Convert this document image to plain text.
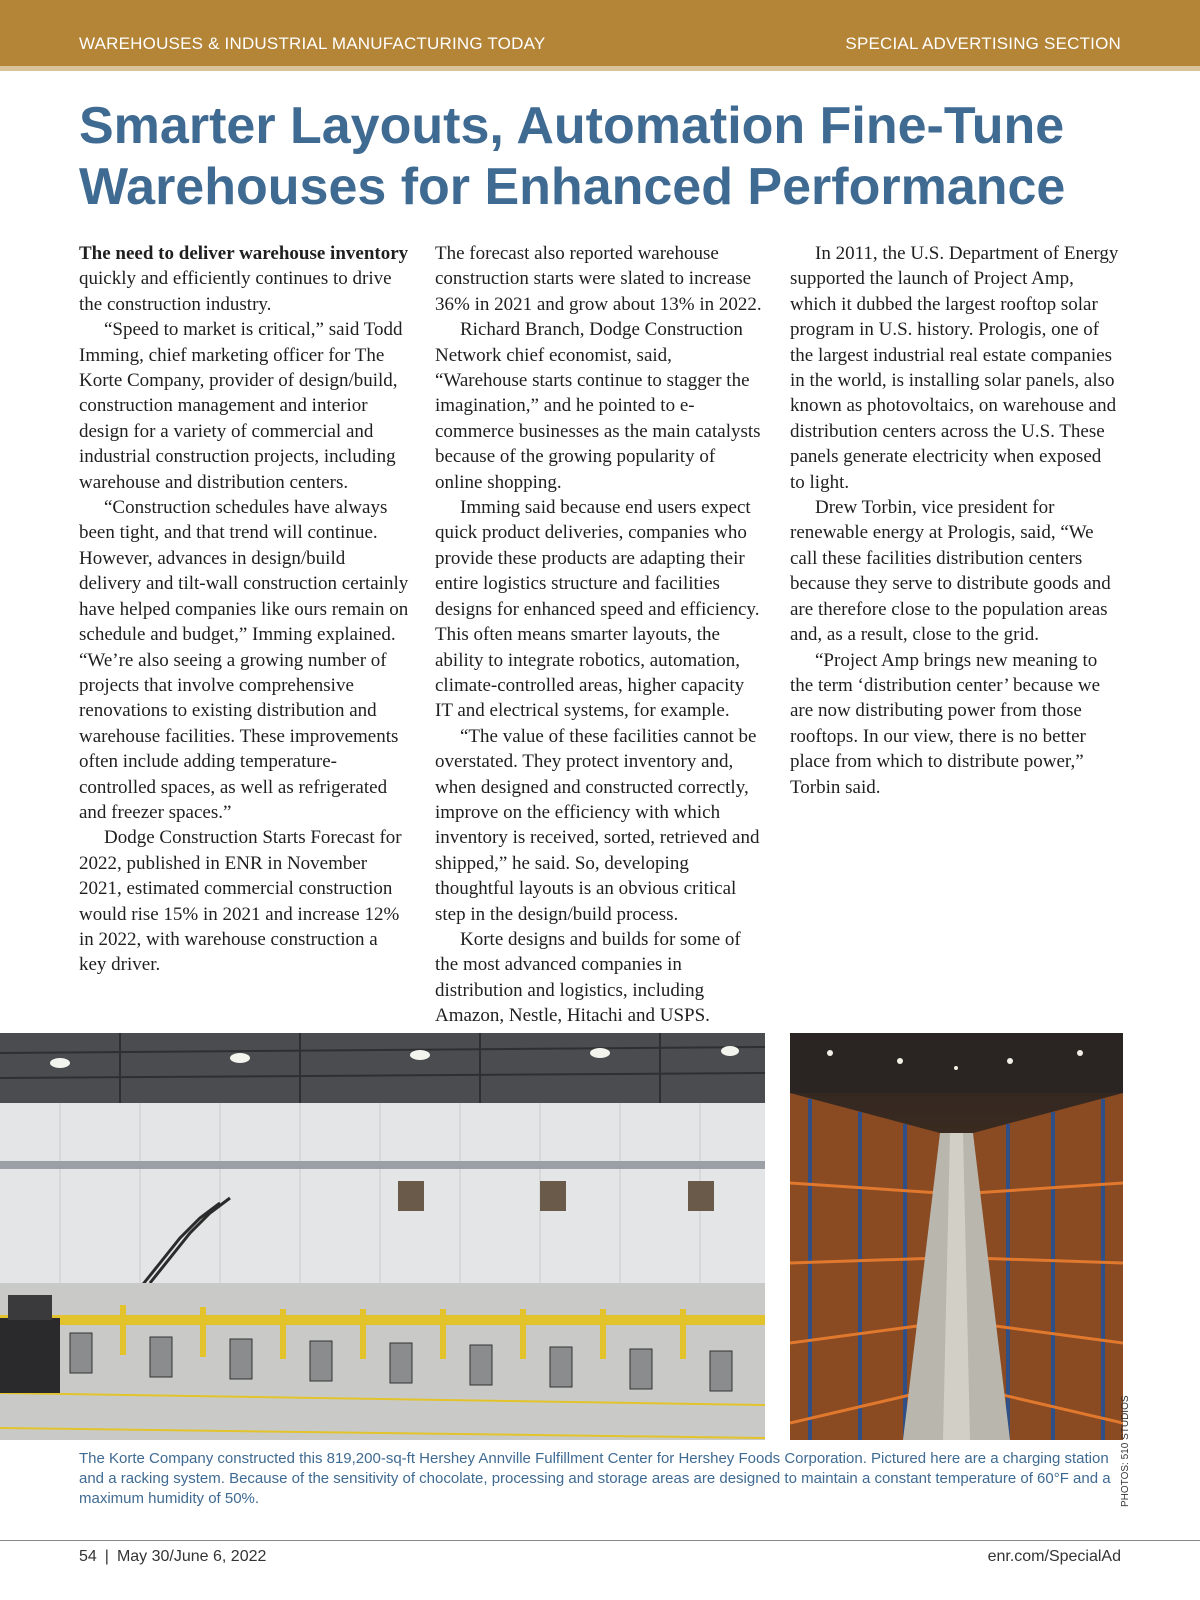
WAREHOUSES & INDUSTRIAL MANUFACTURING TODAY	SPECIAL ADVERTISING SECTION
Smarter Layouts, Automation Fine-Tune
Warehouses for Enhanced Performance

The need to deliver warehouse inventory quickly and efficiently continues to drive the construction industry.

“Speed to market is critical,” said Todd Imming, chief marketing officer for The Korte Company, provider of design/build, construction management and interior design for a variety of commercial and industrial construction projects, including warehouse and distribution centers.

“Construction schedules have always been tight, and that trend will continue. However, advances in design/build delivery and tilt-wall construction certainly have helped companies like ours remain on schedule and budget,” Imming explained. “We’re also seeing a growing number of projects that involve comprehensive renovations to existing distribution and warehouse facilities. These improvements often include adding temperature-controlled spaces, as well as refrigerated and freezer spaces.”

Dodge Construction Starts Forecast for 2022, published in ENR in November 2021, estimated commercial construction would rise 15% in 2021 and increase 12% in 2022, with warehouse construction a key driver.

The forecast also reported warehouse construction starts were slated to increase 36% in 2021 and grow about 13% in 2022.

Richard Branch, Dodge Construction Network chief economist, said, “Warehouse starts continue to stagger the imagination,” and he pointed to e-commerce businesses as the main catalysts because of the growing popularity of online shopping.

Imming said because end users expect quick product deliveries, companies who provide these products are adapting their entire logistics structure and facilities designs for enhanced speed and efficiency. This often means smarter layouts, the ability to integrate robotics, automation, climate-controlled areas, higher capacity IT and electrical systems, for example.

“The value of these facilities cannot be overstated. They protect inventory and, when designed and constructed correctly, improve on the efficiency with which inventory is received, sorted, retrieved and shipped,” he said. So, developing thoughtful layouts is an obvious critical step in the design/build process.

Korte designs and builds for some of the most advanced companies in distribution and logistics, including Amazon, Nestle, Hitachi and USPS.

In 2011, the U.S. Department of Energy supported the launch of Project Amp, which it dubbed the largest rooftop solar program in U.S. history. Prologis, one of the largest industrial real estate companies in the world, is installing solar panels, also known as photovoltaics, on warehouse and distribution centers across the U.S. These panels generate electricity when exposed to light.

Drew Torbin, vice president for renewable energy at Prologis, said, “We call these facilities distribution centers because they serve to distribute goods and are therefore close to the population areas and, as a result, close to the grid.

“Project Amp brings new meaning to the term ‘distribution center’ because we are now distributing power from those rooftops. In our view, there is no better place from which to distribute power,” Torbin said.

The Korte Company constructed this 819,200-sq-ft Hershey Annville Fulfillment Center for Hershey Foods Corporation. Pictured here are a charging station and a racking system. Because of the sensitivity of chocolate, processing and storage areas are designed to maintain a constant temperature of 60°F and a maximum humidity of 50%.	PHOTOS: 510 STUDIOS
54 | May 30/June 6, 2022	enr.com/SpecialAd
